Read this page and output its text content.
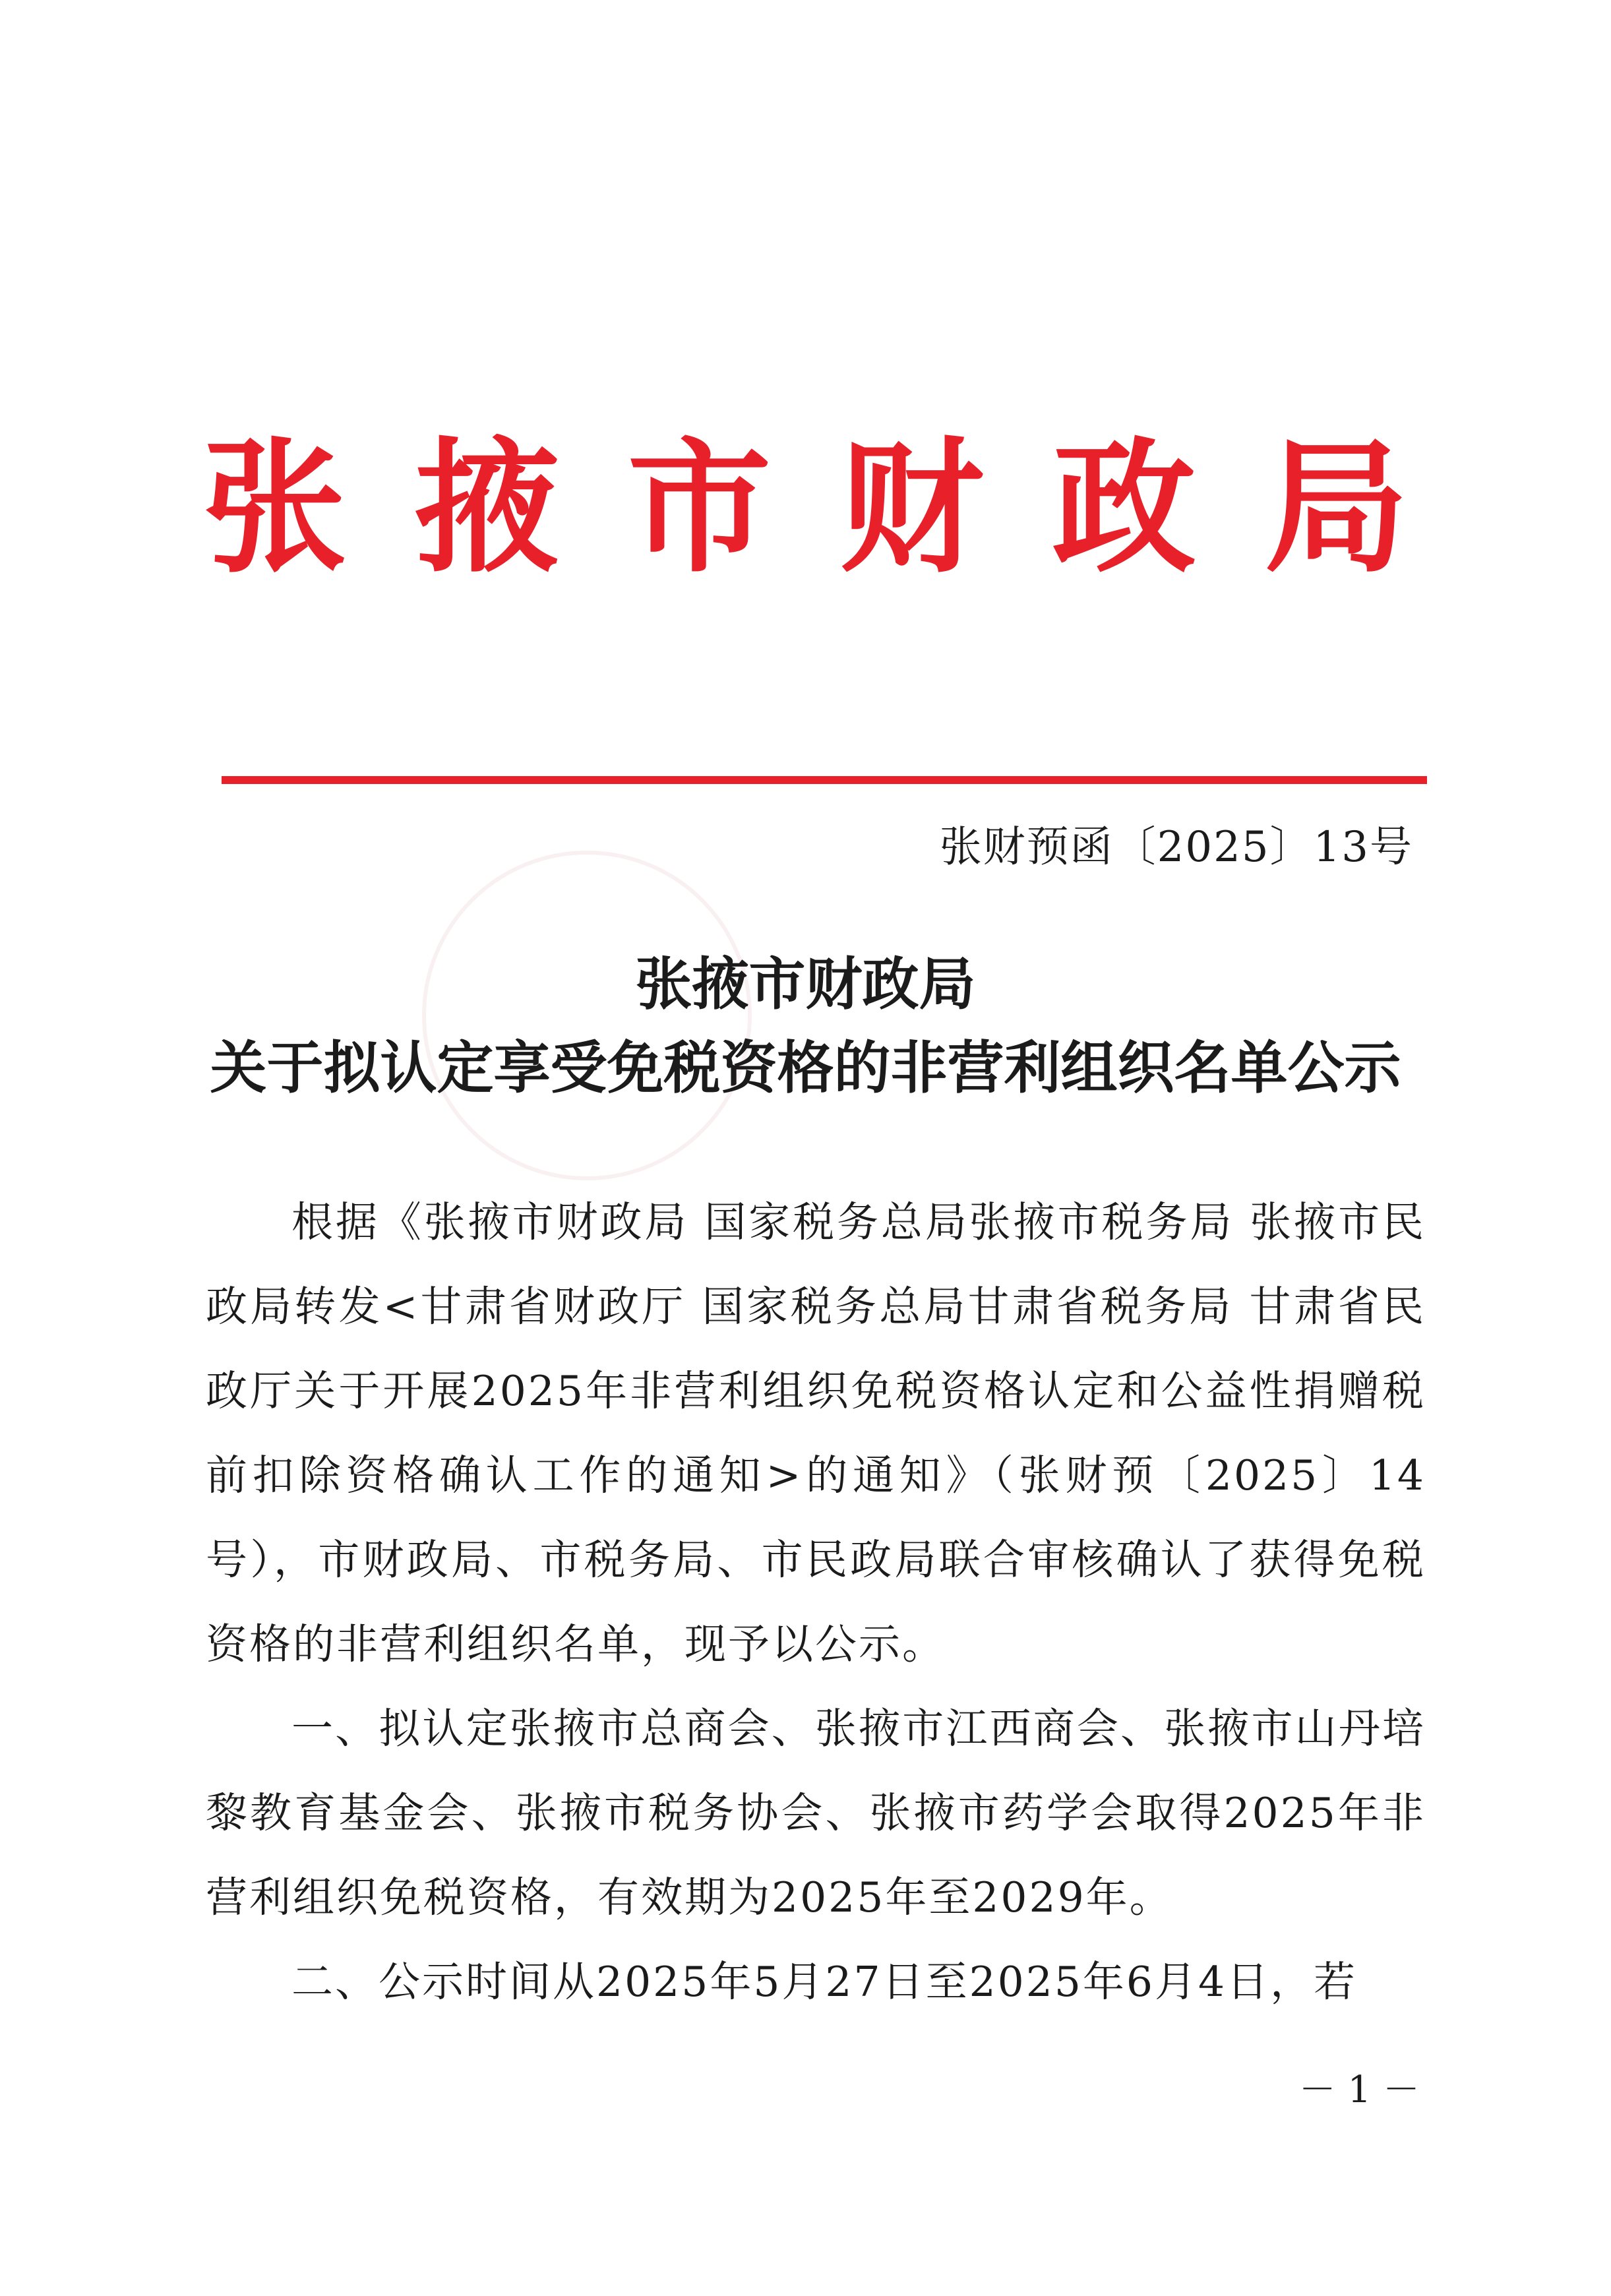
张掖市财政局
张财预函〔2025〕13号
张掖市财政局
关于拟认定享受免税资格的非营利组织名单公示

根据《张掖市财政局 国家税务总局张掖市税务局 张掖市民政局转发<甘肃省财政厅 国家税务总局甘肃省税务局 甘肃省民政厅关于开展2025年非营利组织免税资格认定和公益性捐赠税前扣除资格确认工作的通知>的通知》（张财预〔2025〕14号），市财政局、市税务局、市民政局联合审核确认了获得免税资格的非营利组织名单，现予以公示。

一、拟认定张掖市总商会、张掖市江西商会、张掖市山丹培黎教育基金会、张掖市税务协会、张掖市药学会取得2025年非营利组织免税资格，有效期为2025年至2029年。

二、公示时间从2025年5月27日至2025年6月4日，若

－ 1 －
